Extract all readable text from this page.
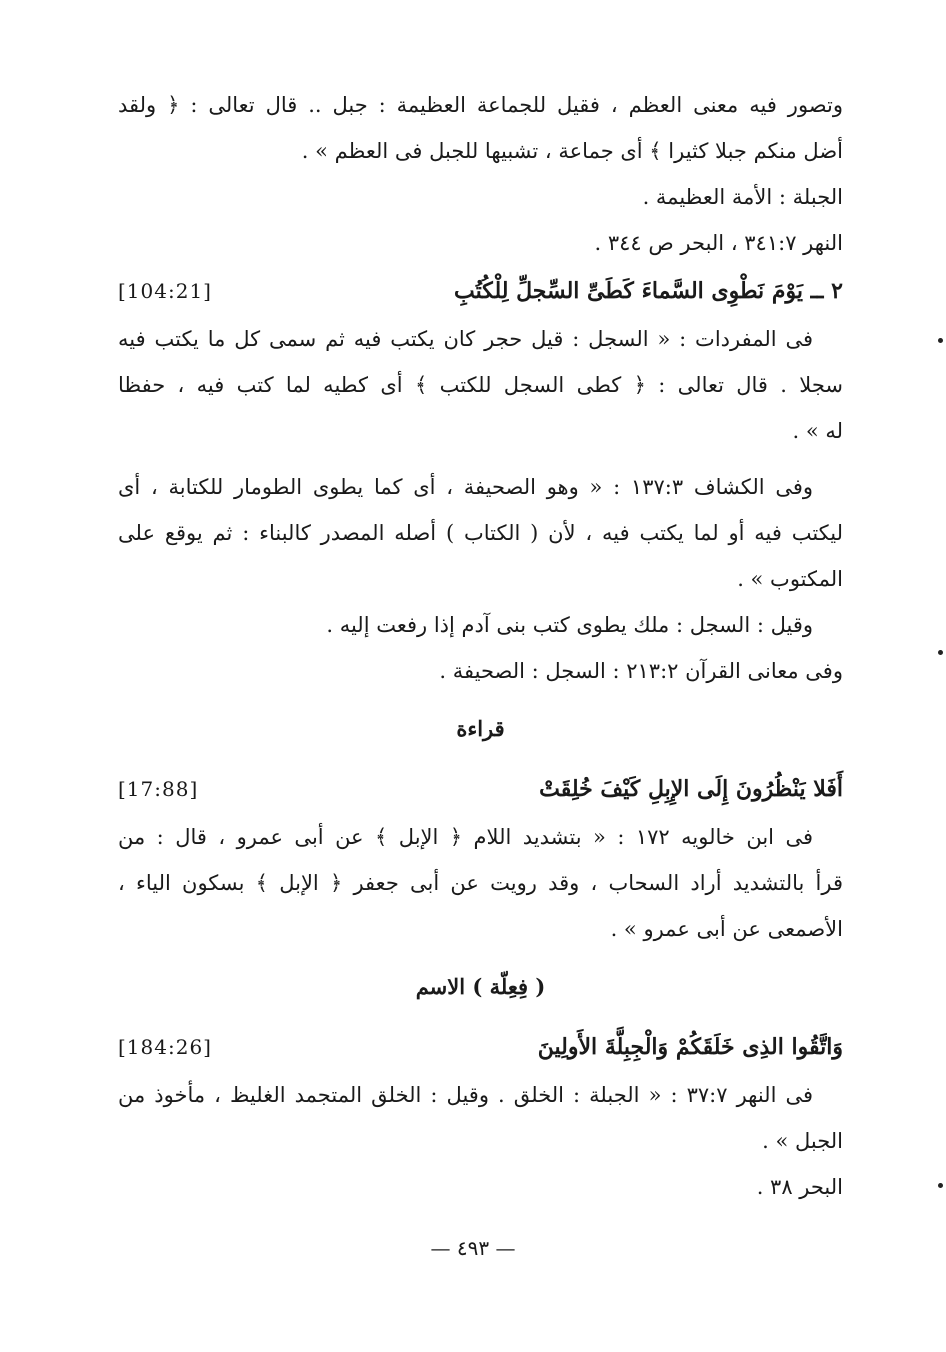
وتصور فيه معنى العظم ، فقيل للجماعة العظيمة : جبل .. قال تعالى : ﴿ ولقد
أضل منكم جبلا كثيرا ﴾ أى جماعة ، تشبيها للجبل فى العظم » .
الجبلة : الأمة العظيمة .
النهر ٣٤١:٧ ، البحر ص ٣٤٤ .
٢ ــ يَوْمَ نَطْوِى السَّماءَ كَطَىِّ السِّجلِّ لِلْكُتُبِ
[104:21]
فى المفردات : « السجل : قيل حجر كان يكتب فيه ثم سمى كل ما يكتب فيه
سجلا . قال تعالى : ﴿ كطى السجل للكتب ﴾ أى كطيه لما كتب فيه ، حفظا
له » .
وفى الكشاف ١٣٧:٣ : « وهو الصحيفة ، أى كما يطوى الطومار للكتابة ، أى
ليكتب فيه أو لما يكتب فيه ، لأن ( الكتاب ) أصله المصدر كالبناء : ثم يوقع على
المكتوب » .
وقيل : السجل : ملك يطوى كتب بنى آدم إذا رفعت إليه .
وفى معانى القرآن ٢١٣:٢ : السجل : الصحيفة .
قراءة
أَفَلا يَنْظُرُونَ إِلَى الإِبِلِ كَيْفَ خُلِقَتْ
[17:88]
فى ابن خالويه ١٧٢ : « بتشديد اللام ﴿ الإبل ﴾ عن أبى عمرو ، قال : من
قرأ بالتشديد أراد السحاب ، وقد رويت عن أبى جعفر ﴿ الإبل ﴾ بسكون الياء ،
الأصمعى عن أبى عمرو » .
( فِعِلّة ) الاسم
وَاتَّقُوا الذِى خَلَقَكُمْ وَالْجِبِلَّةَ الأَولِينَ
[184:26]
فى النهر ٣٧:٧ : « الجبلة : الخلق . وقيل : الخلق المتجمد الغليظ ، مأخوذ من
الجبل » .
البحر ٣٨ .
— ٤٩٣ —
